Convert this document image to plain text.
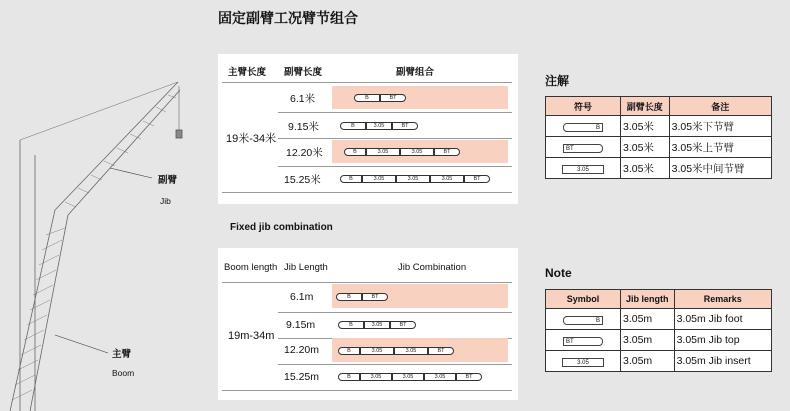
副臂
Jib
主臂
Boom
固定副臂工况臂节组合
Fixed jib combination
主臂长度 副臂长度	副臂组合
19米-34米
6.1米	B	BT
9.15米	B	3.05	BT
12.20米	B	3.05	3.05	BT
15.25米	B	3.05	3.05	3.05	BT
Boom length Jib Length	Jib Combination
19m-34m
6.1m	B	BT
9.15m	B	3.05	BT
12.20m	B	3.05	3.05	BT
15.25m	B	3.05	3.05	3.05	BT
注解
符号	副臂长度	备注
B	3.05米	3.05米下节臂
BT	3.05米	3.05米上节臂
3.05	3.05米	3.05米中间节臂
Note
Symbol	Jib length	Remarks
B	3.05m	3.05m Jib foot
BT	3.05m	3.05m Jib top
3.05	3.05m	3.05m Jib insert
